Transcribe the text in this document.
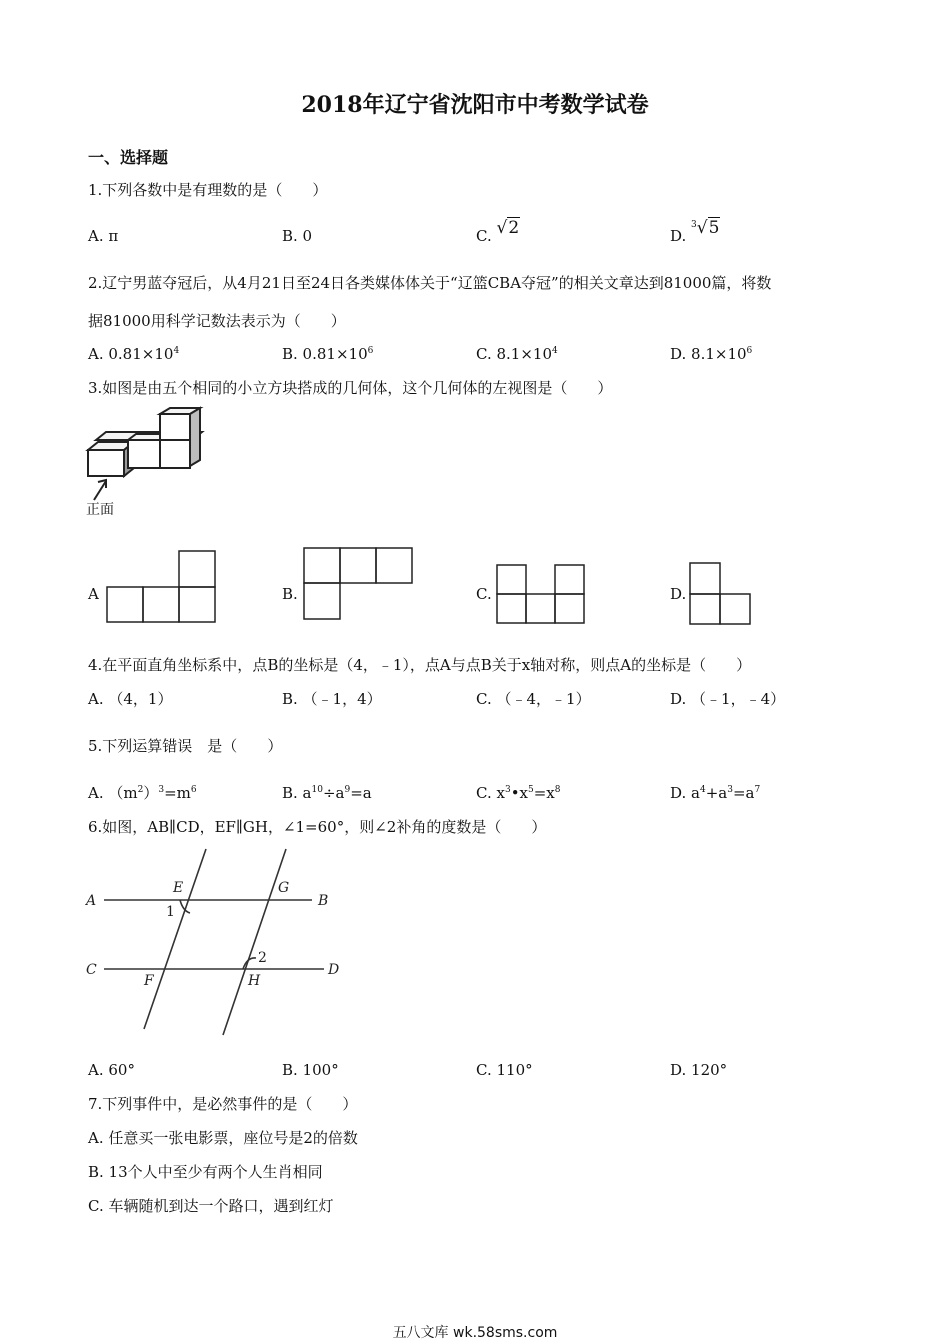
2018年辽宁省沈阳市中考数学试卷
一、选择题
1.下列各数中是有理数的是（　　）
A. π	B. 0	C. √2	D. $^3$√5
2.辽宁男蓝夺冠后，从4月21日至24日各类媒体体关于“辽篮CBA夺冠”的相关文章达到81000篇，将数
据81000用科学记数法表示为（　　）
A. $0.81\times 10^4$	B. $0.81\times 10^6$	C. $8.1\times 10^4$	D. $8.1\times 10^6$
3.如图是由五个相同的小立方块搭成的几何体，这个几何体的左视图是（　　）
正面
A	B.	C.	D.
4.在平面直角坐标系中，点B的坐标是（4，﹣1），点A与点B关于x轴对称，则点A的坐标是（　　）
A. （4，1）	B. （﹣1，4）	C. （﹣4，﹣1）	D. （﹣1，﹣4）
5.下列运算错误　是（　　）
A. $(m^2)^3=m^6$	B. $a^{10}\div a^9=a$	C. $x^3•x^5=x^8$	D. $a^4+a^3=a^7$
6.如图，AB∥CD，EF∥GH，∠1=60°，则∠2补角的度数是（　　）
A	B
C	D
E
F
G
H
1
2
A. 60°	B. 100°	C. 110°	D. 120°
7.下列事件中，是必然事件的是（　　）
A. 任意买一张电影票，座位号是2的倍数
B. 13个人中至少有两个人生肖相同
C. 车辆随机到达一个路口，遇到红灯
五八文库 wk.58sms.com
